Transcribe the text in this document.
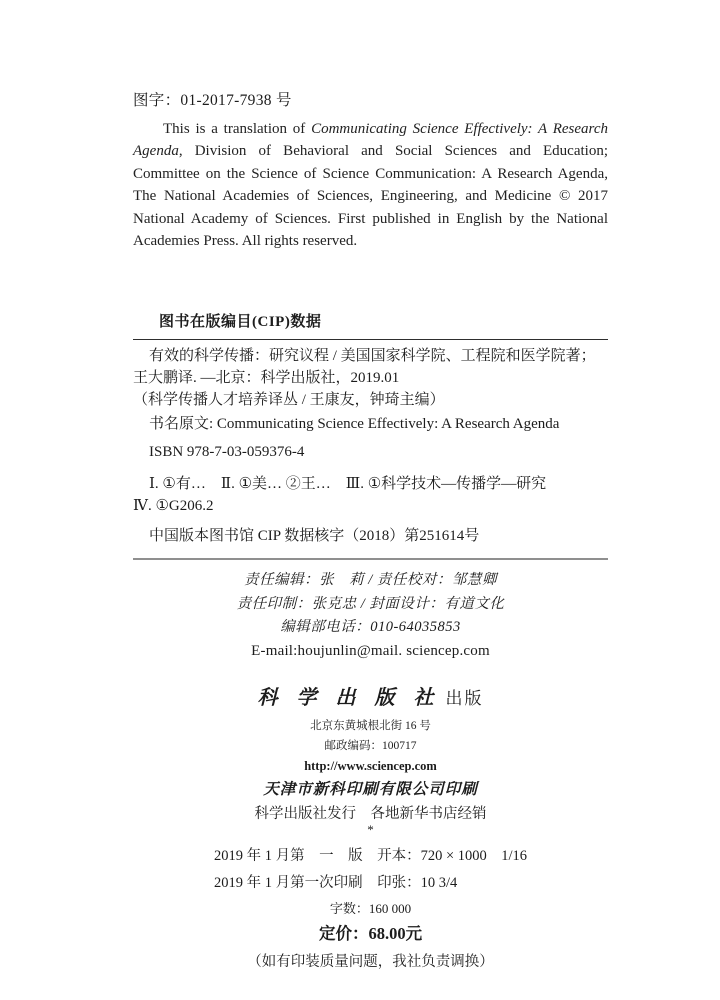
图字：01-2017-7938 号

This is a translation of Communicating Science Effectively: A Research Agenda, Division of Behavioral and Social Sciences and Education; Committee on the Science of Science Communication: A Research Agenda, The National Academies of Sciences, Engineering, and Medicine © 2017 National Academy of Sciences. First published in English by the National Academies Press. All rights reserved.

图书在版编目(CIP)数据
有效的科学传播：研究议程 / 美国国家科学院、工程院和医学院著；
王大鹏译. —北京：科学出版社，2019.01
（科学传播人才培养译丛 / 王康友，钟琦主编）
书名原文: Communicating Science Effectively: A Research Agenda
ISBN 978-7-03-059376-4
Ⅰ. ①有…　Ⅱ. ①美… ②王…　Ⅲ. ①科学技术—传播学—研究
Ⅳ. ①G206.2
中国版本图书馆 CIP 数据核字（2018）第251614号
责任编辑：张　莉 / 责任校对：邹慧卿
责任印制：张克忠 / 封面设计：有道文化
编辑部电话：010-64035853
E-mail:houjunlin@mail. sciencep.com
科 学 出 版 社 出版
北京东黄城根北街 16 号
邮政编码：100717
http://www.sciencep.com
天津市新科印刷有限公司印刷
科学出版社发行　各地新华书店经销
*
2019 年 1 月第　一　版　开本：720 × 1000　1/16
2019 年 1 月第一次印刷　印张：10 3/4
字数：160 000
定价：68.00元
（如有印装质量问题，我社负责调换）
